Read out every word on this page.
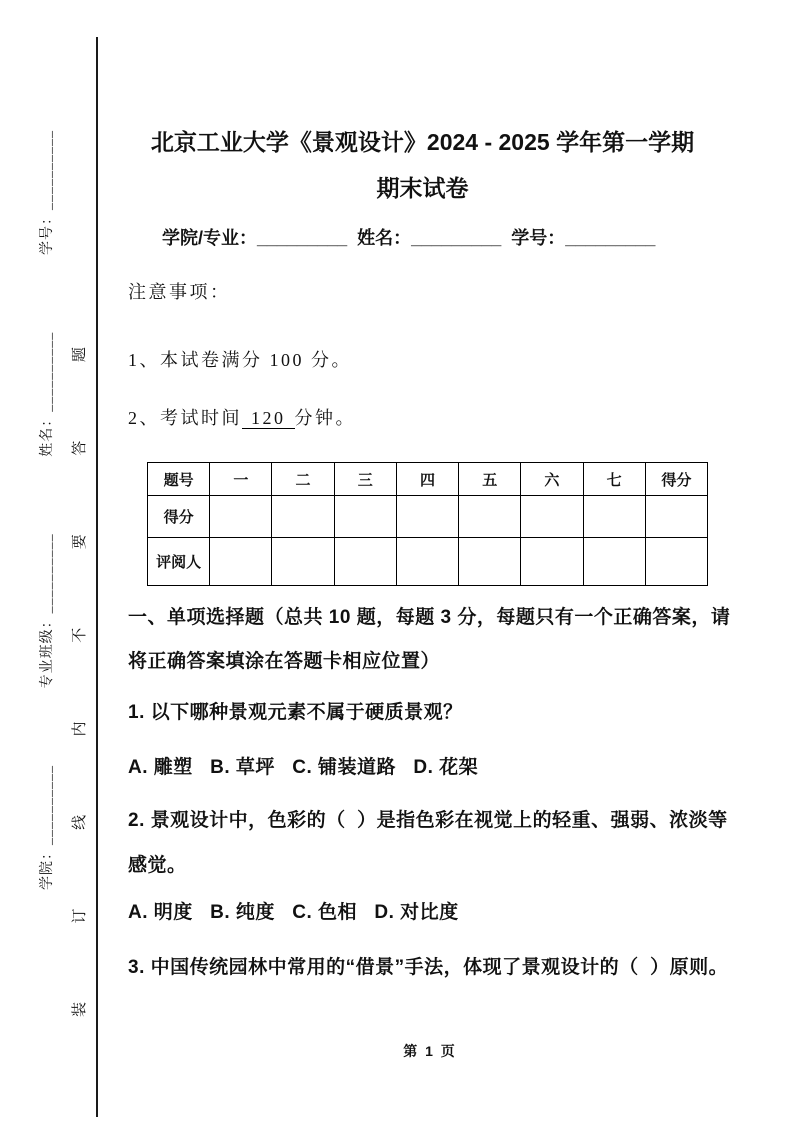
学院：__________
专业班级：__________
姓名：__________
学号：__________
装
订
线
内
不
要
答
题
北京工业大学《景观设计》2024 - 2025 学年第一学期
期末试卷
学院/专业：_________ 姓名：_________ 学号：_________
注意事项：
1、本试卷满分 100 分。
2、考试时间 120 分钟。
题号	一	二	三	四	五	六	七	得分
得分								
评阅人								
一、单项选择题（总共 10 题，每题 3 分，每题只有一个正确答案，请
将正确答案填涂在答题卡相应位置）
1. 以下哪种景观元素不属于硬质景观？
A. 雕塑   B. 草坪   C. 铺装道路   D. 花架
2. 景观设计中，色彩的（  ）是指色彩在视觉上的轻重、强弱、浓淡等
感觉。
A. 明度   B. 纯度   C. 色相   D. 对比度
3. 中国传统园林中常用的“借景”手法，体现了景观设计的（  ）原则。
第 1 页
